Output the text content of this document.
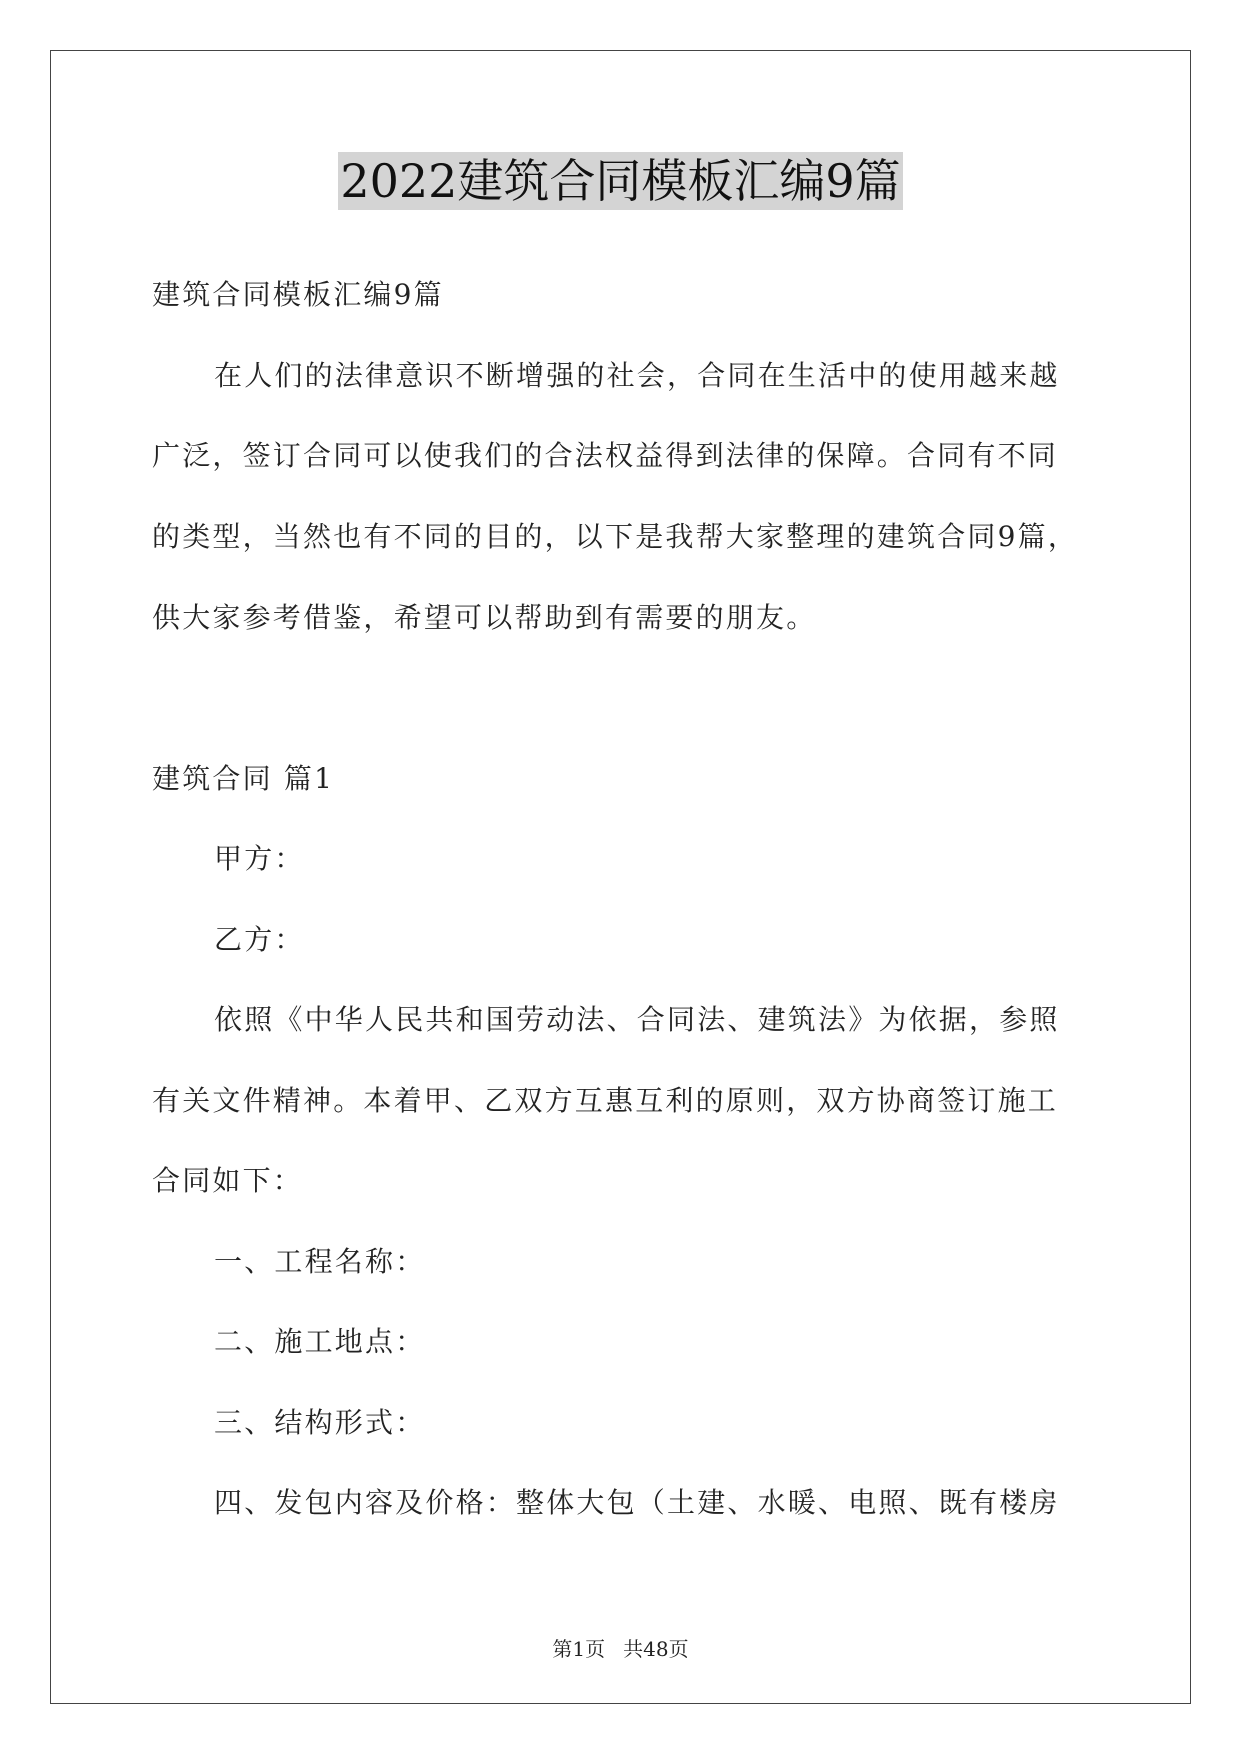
2022建筑合同模板汇编9篇
建筑合同模板汇编9篇
在人们的法律意识不断增强的社会，合同在生活中的使用越来越
广泛，签订合同可以使我们的合法权益得到法律的保障。合同有不同
的类型，当然也有不同的目的，以下是我帮大家整理的建筑合同9篇，
供大家参考借鉴，希望可以帮助到有需要的朋友。
建筑合同 篇1
甲方：
乙方：
依照《中华人民共和国劳动法、合同法、建筑法》为依据，参照
有关文件精神。本着甲、乙双方互惠互利的原则，双方协商签订施工
合同如下：
一、工程名称：
二、施工地点：
三、结构形式：
四、发包内容及价格：整体大包（土建、水暖、电照、既有楼房
第1页 共48页
